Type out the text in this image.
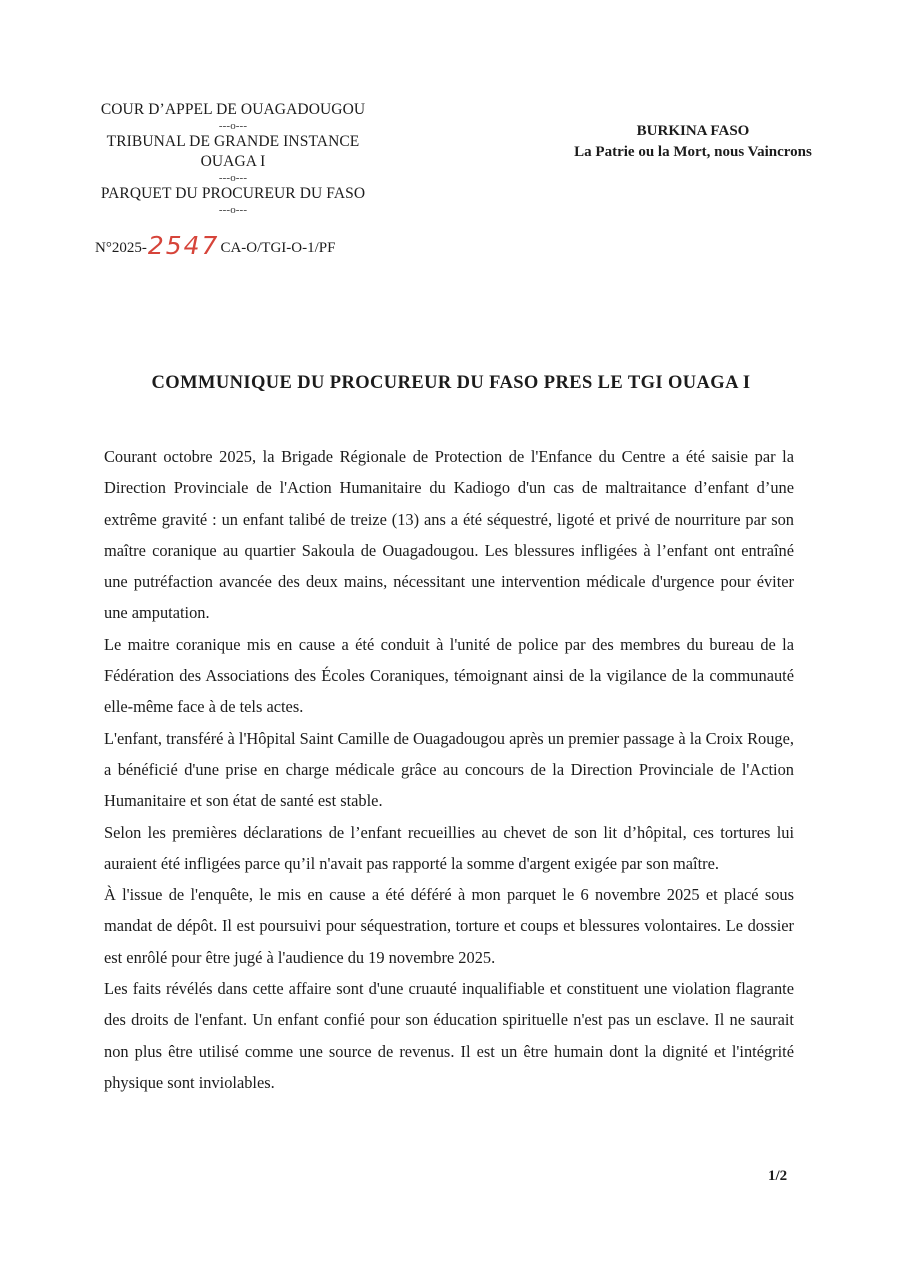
COUR D’APPEL DE OUAGADOUGOU
---o---
TRIBUNAL DE GRANDE INSTANCE
OUAGA I
---o---
PARQUET DU PROCUREUR DU FASO
---o---
N°2025-2547CA-O/TGI-O-1/PF
BURKINA FASO
La Patrie ou la Mort, nous Vaincrons
COMMUNIQUE DU PROCUREUR DU FASO PRES LE TGI OUAGA I

Courant octobre 2025, la Brigade Régionale de Protection de l'Enfance du Centre a été saisie par la Direction Provinciale de l'Action Humanitaire du Kadiogo d'un cas de maltraitance d’enfant d’une extrême gravité : un enfant talibé de treize (13) ans a été séquestré, ligoté et privé de nourriture par son maître coranique au quartier Sakoula de Ouagadougou. Les blessures infligées à l’enfant ont entraîné une putréfaction avancée des deux mains, nécessitant une intervention médicale d'urgence pour éviter une amputation.

Le maitre coranique mis en cause a été conduit à l'unité de police par des membres du bureau de la Fédération des Associations des Écoles Coraniques, témoignant ainsi de la vigilance de la communauté elle-même face à de tels actes.

L'enfant, transféré à l'Hôpital Saint Camille de Ouagadougou après un premier passage à la Croix Rouge, a bénéficié d'une prise en charge médicale grâce au concours de la Direction Provinciale de l'Action Humanitaire et son état de santé est stable.

Selon les premières déclarations de l’enfant recueillies au chevet de son lit d’hôpital, ces tortures lui auraient été infligées parce qu’il n'avait pas rapporté la somme d'argent exigée par son maître.

À l'issue de l'enquête, le mis en cause a été déféré à mon parquet le 6 novembre 2025 et placé sous mandat de dépôt. Il est poursuivi pour séquestration, torture et coups et blessures volontaires. Le dossier est enrôlé pour être jugé à l'audience du 19 novembre 2025.

Les faits révélés dans cette affaire sont d'une cruauté inqualifiable et constituent une violation flagrante des droits de l'enfant. Un enfant confié pour son éducation spirituelle n'est pas un esclave. Il ne saurait non plus être utilisé comme une source de revenus. Il est un être humain dont la dignité et l'intégrité physique sont inviolables.

1/2
